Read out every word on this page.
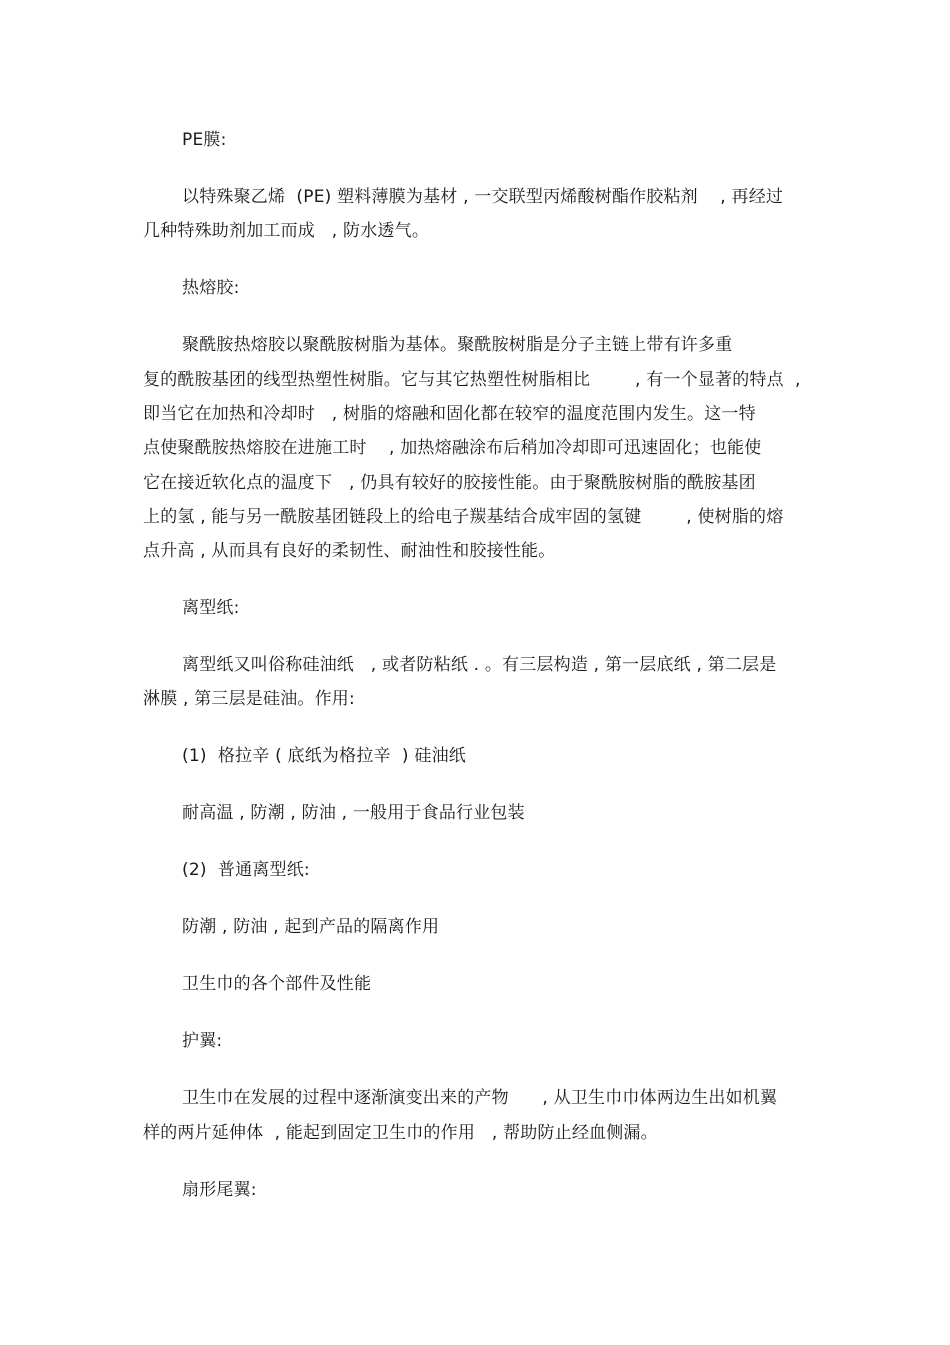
PE膜:
以特殊聚乙烯  (PE) 塑料薄膜为基材 , 一交联型丙烯酸树酯作胶粘剂    , 再经过
几种特殊助剂加工而成   , 防水透气。
热熔胶:
聚酰胺热熔胶以聚酰胺树脂为基体。聚酰胺树脂是分子主链上带有许多重
复的酰胺基团的线型热塑性树脂。它与其它热塑性树脂相比        , 有一个显著的特点  ,
即当它在加热和冷却时   , 树脂的熔融和固化都在较窄的温度范围内发生。这一特
点使聚酰胺热熔胶在进施工时    , 加热熔融涂布后稍加冷却即可迅速固化；也能使
它在接近软化点的温度下   , 仍具有较好的胶接性能。由于聚酰胺树脂的酰胺基团
上的氢 , 能与另一酰胺基团链段上的给电子羰基结合成牢固的氢键        , 使树脂的熔
点升高 , 从而具有良好的柔韧性、耐油性和胶接性能。
离型纸:
离型纸又叫俗称硅油纸   , 或者防粘纸 . 。有三层构造 , 第一层底纸 , 第二层是
淋膜 , 第三层是硅油。作用:
(1)  格拉辛 ( 底纸为格拉辛  ) 硅油纸
耐高温 , 防潮 , 防油 , 一般用于食品行业包装
(2)  普通离型纸:
防潮 , 防油 , 起到产品的隔离作用
卫生巾的各个部件及性能
护翼:
卫生巾在发展的过程中逐渐演变出来的产物      , 从卫生巾巾体两边生出如机翼
样的两片延伸体  , 能起到固定卫生巾的作用   , 帮助防止经血侧漏。
扇形尾翼:
